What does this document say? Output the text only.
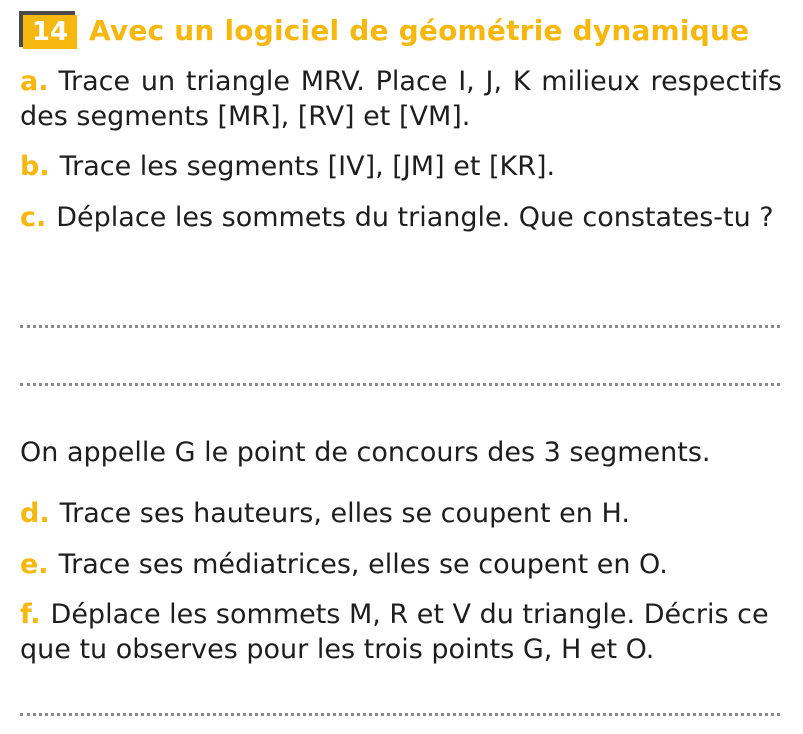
14 Avec un logiciel de géométrie dynamique
a. Trace un triangle MRV. Place I, J, K milieux respectifs des segments [MR], [RV] et [VM].
b. Trace les segments [IV], [JM] et [KR].
c. Déplace les sommets du triangle. Que constates-tu ?
On appelle G le point de concours des 3 segments.
d. Trace ses hauteurs, elles se coupent en H.
e. Trace ses médiatrices, elles se coupent en O.
f. Déplace les sommets M, R et V du triangle. Décris ce que tu observes pour les trois points G, H et O.
